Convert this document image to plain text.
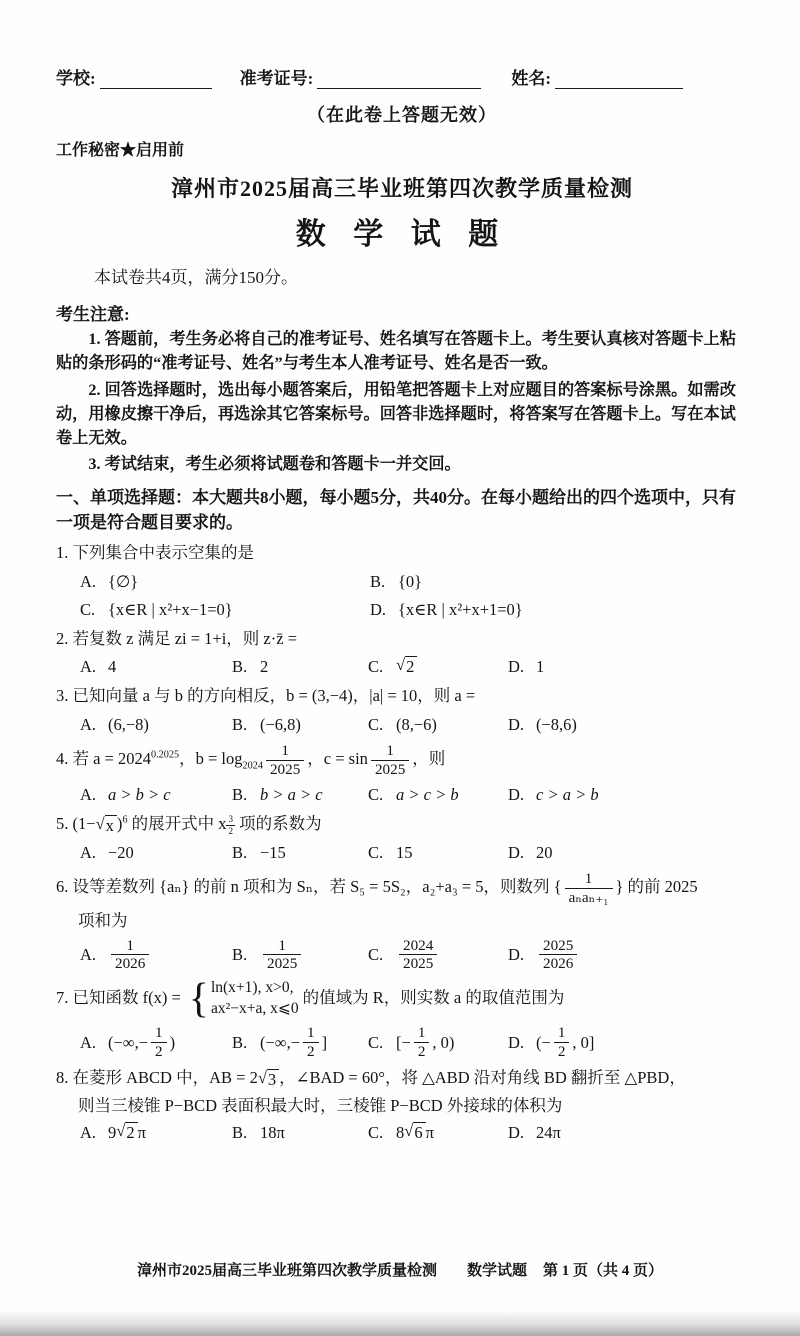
学校:	准考证号:	姓名:
（在此卷上答题无效）
工作秘密★启用前
漳州市2025届高三毕业班第四次教学质量检测
数 学 试 题
本试卷共4页，满分150分。
考生注意:

1. 答题前，考生务必将自己的准考证号、姓名填写在答题卡上。考生要认真核对答题卡上粘贴的条形码的“准考证号、姓名”与考生本人准考证号、姓名是否一致。

2. 回答选择题时，选出每小题答案后，用铅笔把答题卡上对应题目的答案标号涂黑。如需改动，用橡皮擦干净后，再选涂其它答案标号。回答非选择题时，将答案写在答题卡上。写在本试卷上无效。

3. 考试结束，考生必须将试题卷和答题卡一并交回。

一、单项选择题：本大题共8小题，每小题5分，共40分。在每小题给出的四个选项中，只有一项是符合题目要求的。

1. 下列集合中表示空集的是

A. {∅}	B. {0}
C. {x∈R | x²+x−1=0}	D. {x∈R | x²+x+1=0}

2. 若复数 z 满足 zi = 1+i，则 z·z̄ =

A. 4	B. 2	C. √ 2	D. 1

3. 已知向量 a 与 b 的方向相反，b = (3,−4)，|a| = 10，则 a =

A. (6,−8)	B. (−6,8)	C. (8,−6)	D. (−8,6)

4. 若 $a = 2024^{0.2025}$，$b = \log_{2024} \frac{1}{2025}$ ，$c = \sin \frac{1}{2025}$ ，则

A. a > b > c	B. b > a > c	C. a > c > b	D. c > a > b

5. (1− √ x )$^6$ 的展开式中 x $\frac{3}{2}$ 项的系数为

A. −20	B. −15	C. 15	D. 20

6. 设等差数列 {aₙ} 的前 n 项和为 Sₙ，若 S₅ = 5S₂，a₂+a₃ = 5，则数列 { $\frac{1}{\text{aₙaₙ₊₁}}$ } 的前 2025

项和为

A. $\frac{1}{2026}$	B.	$\frac{1}{2025}$	C.	$\frac{2024}{2025}$	D. $\frac{2025}{2026}$

7. 已知函数 f(x) = { ln(x+1), x>0,
ax²−x+a, x⩽0
的值域为 R，则实数 a 的取值范围为

A. (−∞,− $\frac{1}{2}$ )	B. (−∞,− $\frac{1}{2}$ ] C. [− $\frac{1}{2}$ , 0)	D. (− $\frac{1}{2}$ , 0]

8. 在菱形 ABCD 中，AB = 2 √ 3 ，∠BAD = 60°，将 △ABD 沿对角线 BD 翻折至 △PBD，

则当三棱锥 P−BCD 表面积最大时，三棱锥 P−BCD 外接球的体积为

A. 9 √ 2 π	B. 18π	C. 8 √ 6 π	D. 24π
漳州市2025届高三毕业班第四次教学质量检测 数学试题 第 1 页（共 4 页）
